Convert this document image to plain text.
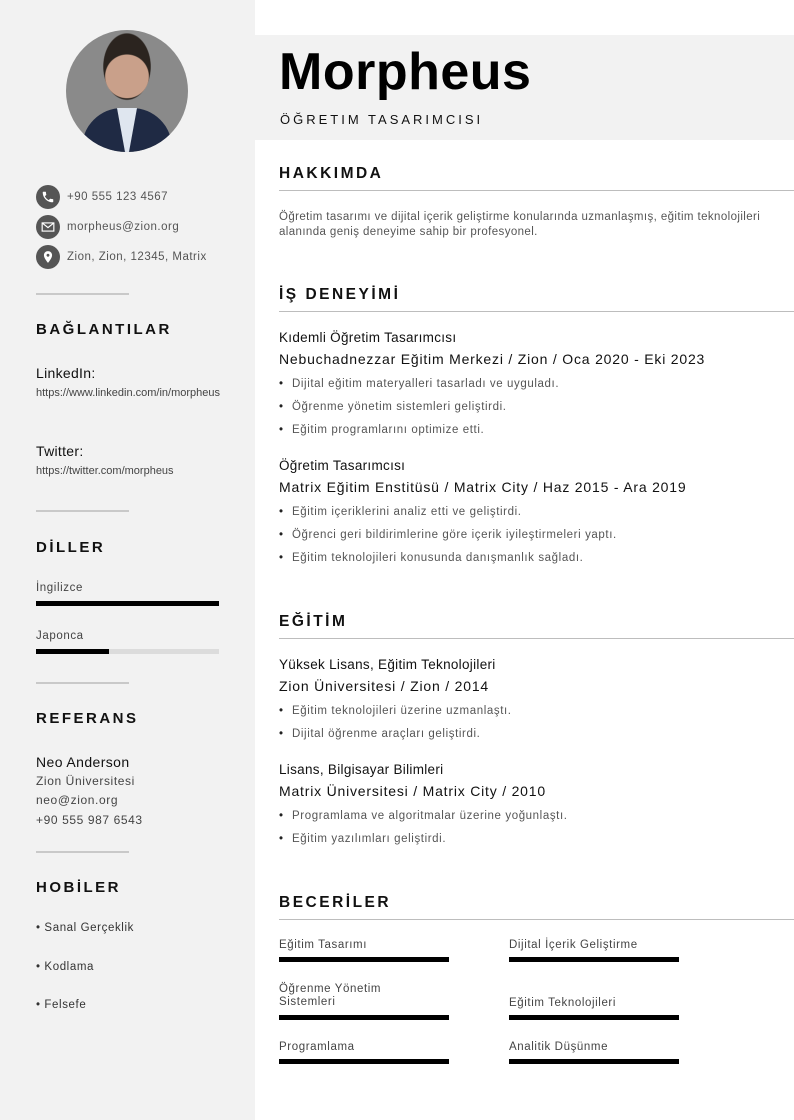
+90 555 123 4567
morpheus@zion.org
Zion, Zion, 12345, Matrix
BAĞLANTILAR
LinkedIn:
https://www.linkedin.com/in/morpheus
Twitter:
https://twitter.com/morpheus
DİLLER
İngilizce
Japonca
REFERANS
Neo Anderson
Zion Üniversitesi
neo@zion.org
+90 555 987 6543
HOBİLER
• Sanal Gerçeklik
• Kodlama
• Felsefe
Morpheus
ÖĞRETIM TASARIMCISI
HAKKIMDA
Öğretim tasarımı ve dijital içerik geliştirme konularında uzmanlaşmış, eğitim teknolojileri alanında geniş deneyime sahip bir profesyonel.
İŞ DENEYİMİ
Kıdemli Öğretim Tasarımcısı
Nebuchadnezzar Eğitim Merkezi / Zion / Oca 2020 - Eki 2023
• Dijital eğitim materyalleri tasarladı ve uyguladı.
• Öğrenme yönetim sistemleri geliştirdi.
• Eğitim programlarını optimize etti.
Öğretim Tasarımcısı
Matrix Eğitim Enstitüsü / Matrix City / Haz 2015 - Ara 2019
• Eğitim içeriklerini analiz etti ve geliştirdi.
• Öğrenci geri bildirimlerine göre içerik iyileştirmeleri yaptı.
• Eğitim teknolojileri konusunda danışmanlık sağladı.
EĞİTİM
Yüksek Lisans, Eğitim Teknolojileri
Zion Üniversitesi / Zion / 2014
• Eğitim teknolojileri üzerine uzmanlaştı.
• Dijital öğrenme araçları geliştirdi.
Lisans, Bilgisayar Bilimleri
Matrix Üniversitesi / Matrix City / 2010
• Programlama ve algoritmalar üzerine yoğunlaştı.
• Eğitim yazılımları geliştirdi.
BECERİLER
Eğitim Tasarımı	Dijital İçerik Geliştirme
Öğrenme Yönetim Sistemleri	Eğitim Teknolojileri
Programlama	Analitik Düşünme
